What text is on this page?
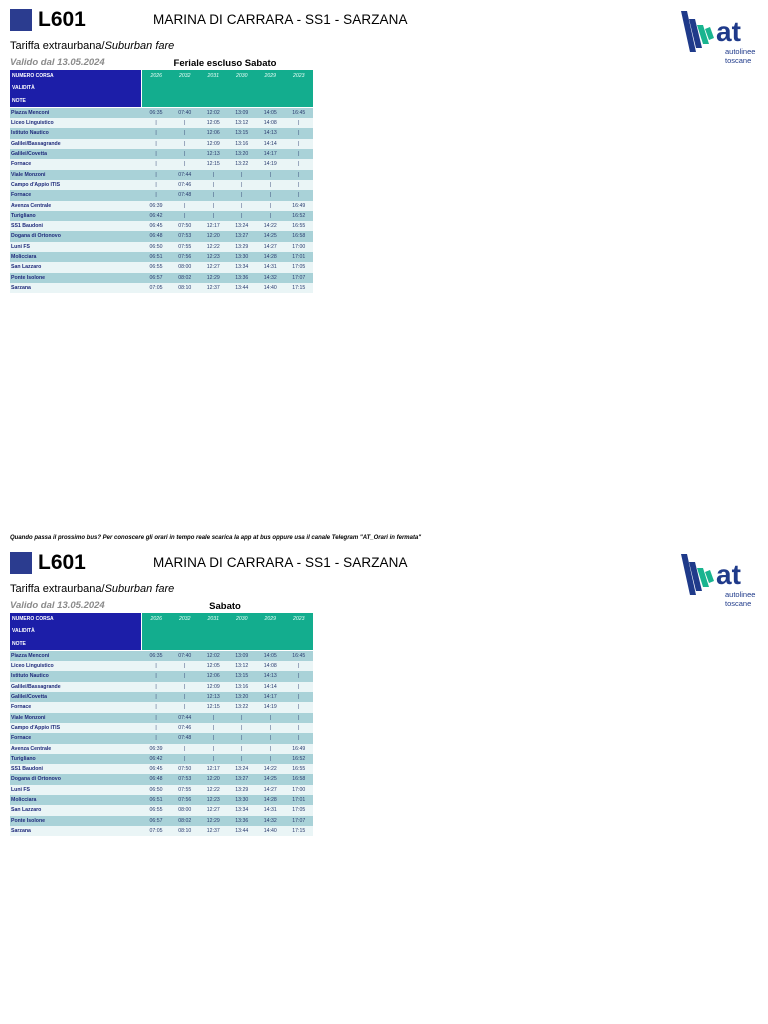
L601	MARINA DI CARRARA - SS1 - SARZANA
Tariffa extraurbana/Suburban fare
Valido dal 13.05.2024	Feriale escluso Sabato
at
autolinee
toscane
NUMERO CORSA	2026	2032	2031	2030	2029	2023
VALIDITÀ						
NOTE						
Piazza Menconi	06:35	07:40	12:02	13:09	14:05	16:45
Liceo Linguistico	|	|	12:05	13:12	14:08	|
Istituto Nautico	|	|	12:06	13:15	14:13	|
Galilei/Bassagrande	|	|	12:09	13:16	14:14	|
Galilei/Covetta	|	|	12:13	13:20	14:17	|
Fornace	|	|	12:15	13:22	14:19	|
Viale Monzoni	|	07:44	|	|	|	|
Campo d'Appio ITIS	|	07:46	|	|	|	|
Fornace	|	07:48	|	|	|	|
Avenza Centrale	06:39	|	|	|	|	16:49
Turigliano	06:42	|	|	|	|	16:52
SS1 Baudoni	06:45	07:50	12:17	13:24	14:22	16:55
Dogana di Ortonovo	06:48	07:53	12:20	13:27	14:25	16:58
Luni FS	06:50	07:55	12:22	13:29	14:27	17:00
Molicciara	06:51	07:56	12:23	13:30	14:28	17:01
San Lazzaro	06:55	08:00	12:27	13:34	14:31	17:05
Ponte Isolone	06:57	08:02	12:29	13:36	14:32	17:07
Sarzana	07:05	08:10	12:37	13:44	14:40	17:15
Quando passa il prossimo bus? Per conoscere gli orari in tempo reale scarica la app at bus oppure usa il canale Telegram "AT_Orari in fermata"
L601	MARINA DI CARRARA - SS1 - SARZANA
Tariffa extraurbana/Suburban fare
Valido dal 13.05.2024	Sabato
at
autolinee
toscane
NUMERO CORSA	2026	2032	2031	2030	2029	2023
VALIDITÀ						
NOTE						
Piazza Menconi	06:35	07:40	12:02	13:09	14:05	16:45
Liceo Linguistico	|	|	12:05	13:12	14:08	|
Istituto Nautico	|	|	12:06	13:15	14:13	|
Galilei/Bassagrande	|	|	12:09	13:16	14:14	|
Galilei/Covetta	|	|	12:13	13:20	14:17	|
Fornace	|	|	12:15	13:22	14:19	|
Viale Monzoni	|	07:44	|	|	|	|
Campo d'Appio ITIS	|	07:46	|	|	|	|
Fornace	|	07:48	|	|	|	|
Avenza Centrale	06:39	|	|	|	|	16:49
Turigliano	06:42	|	|	|	|	16:52
SS1 Baudoni	06:45	07:50	12:17	13:24	14:22	16:55
Dogana di Ortonovo	06:48	07:53	12:20	13:27	14:25	16:58
Luni FS	06:50	07:55	12:22	13:29	14:27	17:00
Molicciara	06:51	07:56	12:23	13:30	14:28	17:01
San Lazzaro	06:55	08:00	12:27	13:34	14:31	17:05
Ponte Isolone	06:57	08:02	12:29	13:36	14:32	17:07
Sarzana	07:05	08:10	12:37	13:44	14:40	17:15
